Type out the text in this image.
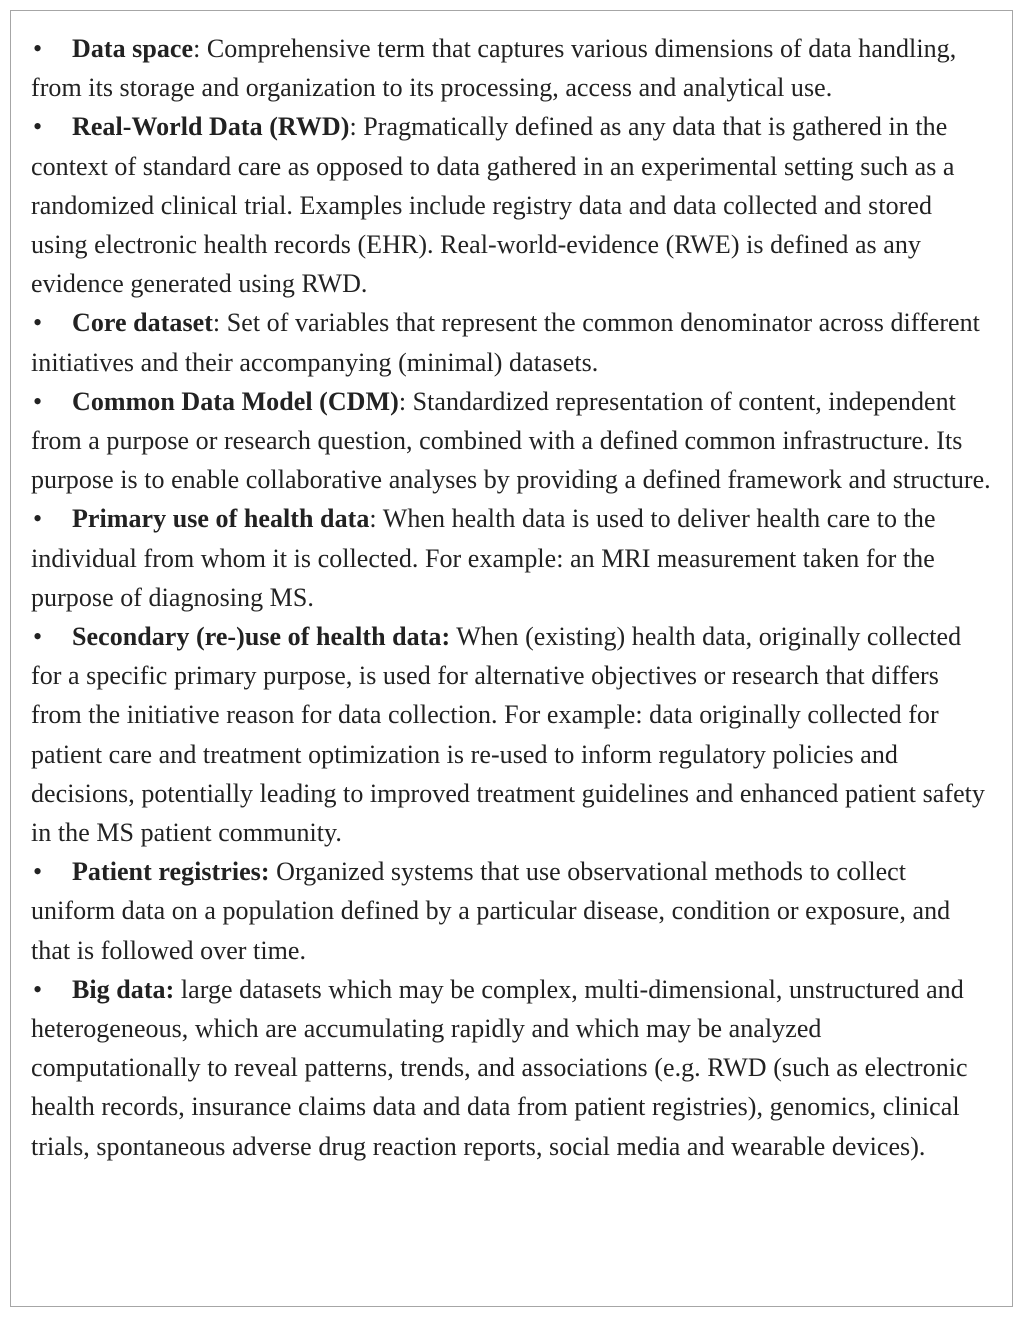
• Data space: Comprehensive term that captures various dimensions of data handling, from its storage and organization to its processing, access and analytical use.

• Real-World Data (RWD): Pragmatically defined as any data that is gathered in the context of standard care as opposed to data gathered in an experimental setting such as a randomized clinical trial. Examples include registry data and data collected and stored using electronic health records (EHR). Real-world-evidence (RWE) is defined as any evidence generated using RWD.

• Core dataset: Set of variables that represent the common denominator across different initiatives and their accompanying (minimal) datasets.

• Common Data Model (CDM): Standardized representation of content, independent from a purpose or research question, combined with a defined common infrastructure. Its purpose is to enable collaborative analyses by providing a defined framework and structure.

• Primary use of health data: When health data is used to deliver health care to the individual from whom it is collected. For example: an MRI measurement taken for the purpose of diagnosing MS.

• Secondary (re-)use of health data: When (existing) health data, originally collected for a specific primary purpose, is used for alternative objectives or research that differs from the initiative reason for data collection. For example: data originally collected for patient care and treatment optimization is re-used to inform regulatory policies and decisions, potentially leading to improved treatment guidelines and enhanced patient safety in the MS patient community.

• Patient registries: Organized systems that use observational methods to collect uniform data on a population defined by a particular disease, condition or exposure, and that is followed over time.

• Big data: large datasets which may be complex, multi-dimensional, unstructured and heterogeneous, which are accumulating rapidly and which may be analyzed computationally to reveal patterns, trends, and associations (e.g. RWD (such as electronic health records, insurance claims data and data from patient registries), genomics, clinical trials, spontaneous adverse drug reaction reports, social media and wearable devices).
